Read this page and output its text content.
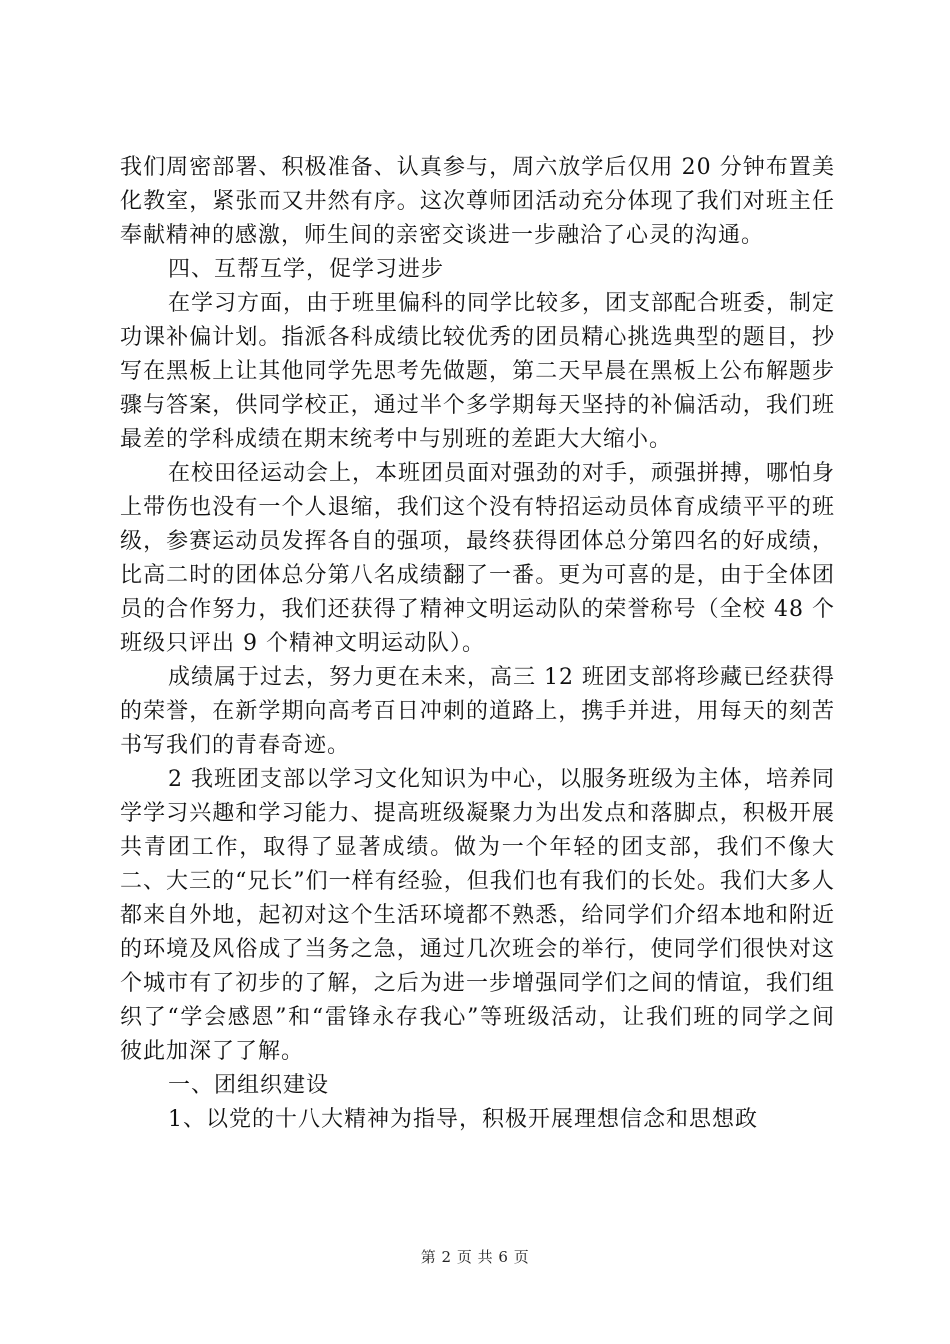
我们周密部署、积极准备、认真参与，周六放学后仅用 20 分钟布置美化教室，紧张而又井然有序。这次尊师团活动充分体现了我们对班主任奉献精神的感激，师生间的亲密交谈进一步融洽了心灵的沟通。

四、互帮互学，促学习进步

在学习方面，由于班里偏科的同学比较多，团支部配合班委，制定功课补偏计划。指派各科成绩比较优秀的团员精心挑选典型的题目，抄写在黑板上让其他同学先思考先做题，第二天早晨在黑板上公布解题步骤与答案，供同学校正，通过半个多学期每天坚持的补偏活动，我们班最差的学科成绩在期末统考中与别班的差距大大缩小。

在校田径运动会上，本班团员面对强劲的对手，顽强拼搏，哪怕身上带伤也没有一个人退缩，我们这个没有特招运动员体育成绩平平的班级，参赛运动员发挥各自的强项，最终获得团体总分第四名的好成绩，比高二时的团体总分第八名成绩翻了一番。更为可喜的是，由于全体团员的合作努力，我们还获得了精神文明运动队的荣誉称号（全校 48 个班级只评出 9 个精神文明运动队）。

成绩属于过去，努力更在未来，高三 12 班团支部将珍藏已经获得的荣誉，在新学期向高考百日冲刺的道路上，携手并进，用每天的刻苦书写我们的青春奇迹。

2 我班团支部以学习文化知识为中心，以服务班级为主体，培养同学学习兴趣和学习能力、提高班级凝聚力为出发点和落脚点，积极开展共青团工作，取得了显著成绩。做为一个年轻的团支部，我们不像大二、大三的“兄长”们一样有经验，但我们也有我们的长处。我们大多人都来自外地，起初对这个生活环境都不熟悉，给同学们介绍本地和附近的环境及风俗成了当务之急，通过几次班会的举行，使同学们很快对这个城市有了初步的了解，之后为进一步增强同学们之间的情谊，我们组织了“学会感恩”和“雷锋永存我心”等班级活动，让我们班的同学之间彼此加深了了解。

一、团组织建设

1、以党的十八大精神为指导，积极开展理想信念和思想政

第 2 页 共 6 页
